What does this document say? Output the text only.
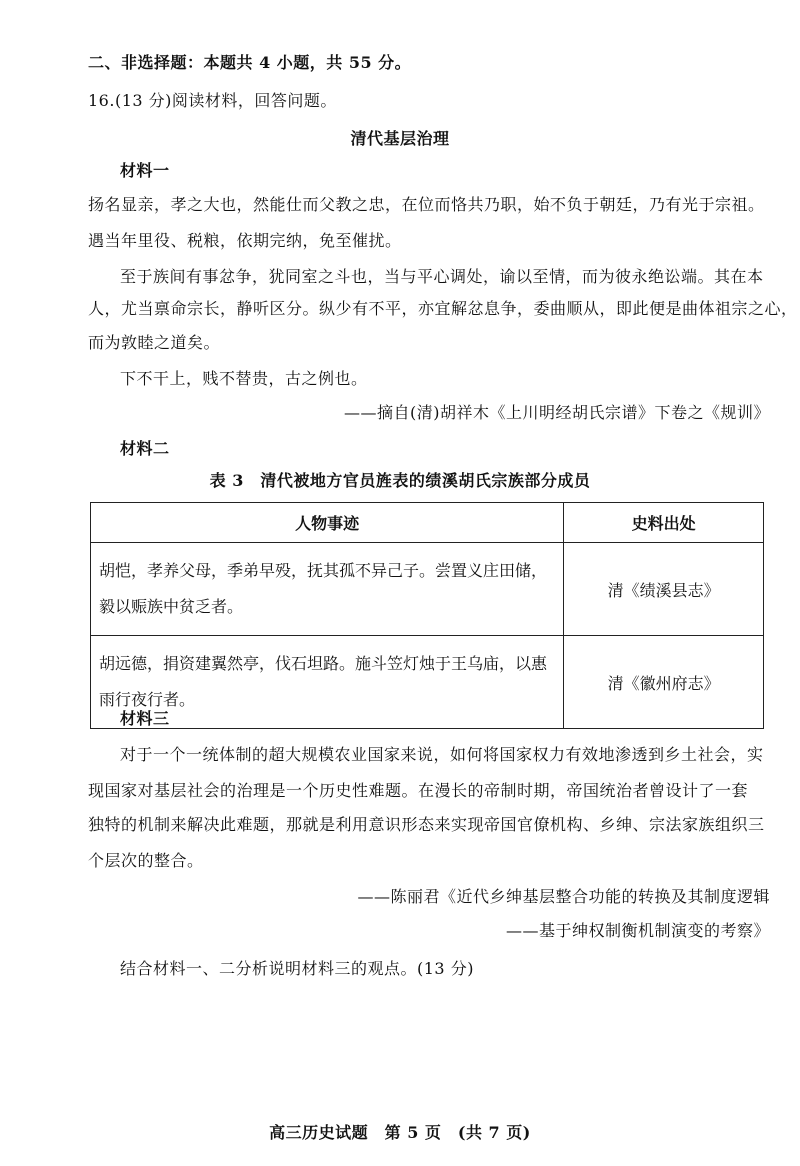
二、非选择题：本题共 4 小题，共 55 分。
16.(13 分)阅读材料，回答问题。
清代基层治理
材料一
扬名显亲，孝之大也，然能仕而父教之忠，在位而恪共乃职，始不负于朝廷，乃有光于宗祖。
遇当年里役、税粮，依期完纳，免至催扰。
至于族间有事忿争，犹同室之斗也，当与平心调处，谕以至情，而为彼永绝讼端。其在本
人，尤当禀命宗长，静听区分。纵少有不平，亦宜解忿息争，委曲顺从，即此便是曲体祖宗之心，
而为敦睦之道矣。
下不干上，贱不替贵，古之例也。
——摘自(清)胡祥木《上川明经胡氏宗谱》下卷之《规训》
材料二
表 3　清代被地方官员旌表的绩溪胡氏宗族部分成员
人物事迹	史料出处
胡恺，孝养父母，季弟早殁，抚其孤不异己子。尝置义庄田储，毅以赈族中贫乏者。	清《绩溪县志》
胡远德，捐资建翼然亭，伐石坦路。施斗笠灯烛于王乌庙，以惠雨行夜行者。	清《徽州府志》
材料三
对于一个一统体制的超大规模农业国家来说，如何将国家权力有效地渗透到乡土社会，实
现国家对基层社会的治理是一个历史性难题。在漫长的帝制时期，帝国统治者曾设计了一套
独特的机制来解决此难题，那就是利用意识形态来实现帝国官僚机构、乡绅、宗法家族组织三
个层次的整合。
——陈丽君《近代乡绅基层整合功能的转换及其制度逻辑
——基于绅权制衡机制演变的考察》
结合材料一、二分析说明材料三的观点。(13 分)
高三历史试题　第 5 页　(共 7 页)
